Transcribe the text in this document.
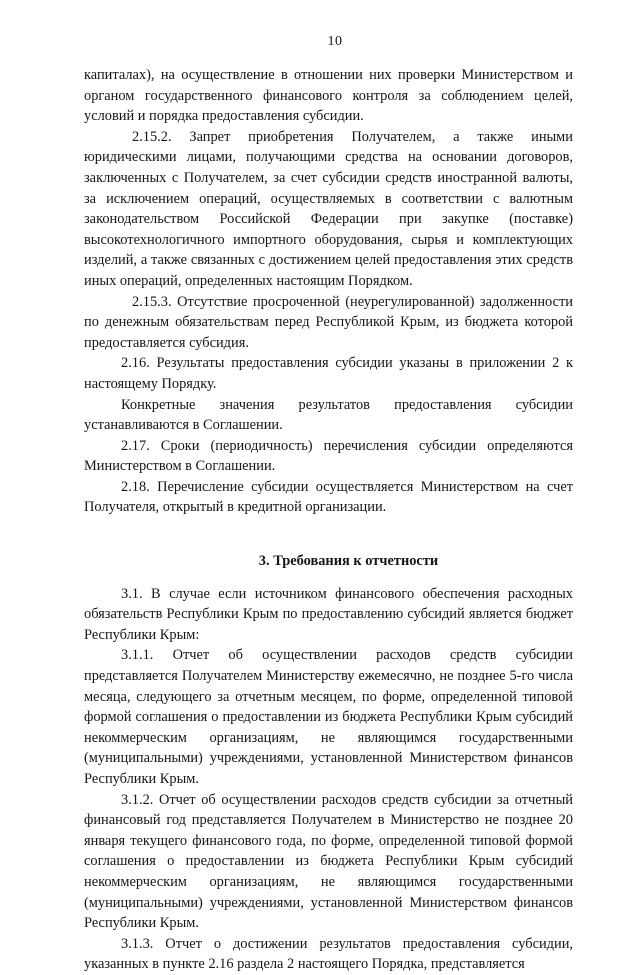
10

капиталах), на осуществление в отношении них проверки Министерством и органом государственного финансового контроля за соблюдением целей, условий и порядка предоставления субсидии.

2.15.2. Запрет приобретения Получателем, а также иными юридическими лицами, получающими средства на основании договоров, заключенных с Получателем, за счет субсидии средств иностранной валюты, за исключением операций, осуществляемых в соответствии с валютным законодательством Российской Федерации при закупке (поставке) высокотехнологичного импортного оборудования, сырья и комплектующих изделий, а также связанных с достижением целей предоставления этих средств иных операций, определенных настоящим Порядком.

2.15.3. Отсутствие просроченной (неурегулированной) задолженности по денежным обязательствам перед Республикой Крым, из бюджета которой предоставляется субсидия.

2.16. Результаты предоставления субсидии указаны в приложении 2 к настоящему Порядку.

Конкретные значения результатов предоставления субсидии устанавливаются в Соглашении.

2.17. Сроки (периодичность) перечисления субсидии определяются Министерством в Соглашении.

2.18. Перечисление субсидии осуществляется Министерством на счет Получателя, открытый в кредитной организации.

3. Требования к отчетности

3.1. В случае если источником финансового обеспечения расходных обязательств Республики Крым по предоставлению субсидий является бюджет Республики Крым:

3.1.1. Отчет об осуществлении расходов средств субсидии представляется Получателем Министерству ежемесячно, не позднее 5-го числа месяца, следующего за отчетным месяцем, по форме, определенной типовой формой соглашения о предоставлении из бюджета Республики Крым субсидий некоммерческим организациям, не являющимся государственными (муниципальными) учреждениями, установленной Министерством финансов Республики Крым.

3.1.2. Отчет об осуществлении расходов средств субсидии за отчетный финансовый год представляется Получателем в Министерство не позднее 20 января текущего финансового года, по форме, определенной типовой формой соглашения о предоставлении из бюджета Республики Крым субсидий некоммерческим организациям, не являющимся государственными (муниципальными) учреждениями, установленной Министерством финансов Республики Крым.

3.1.3. Отчет о достижении результатов предоставления субсидии, указанных в пункте 2.16 раздела 2 настоящего Порядка, представляется
